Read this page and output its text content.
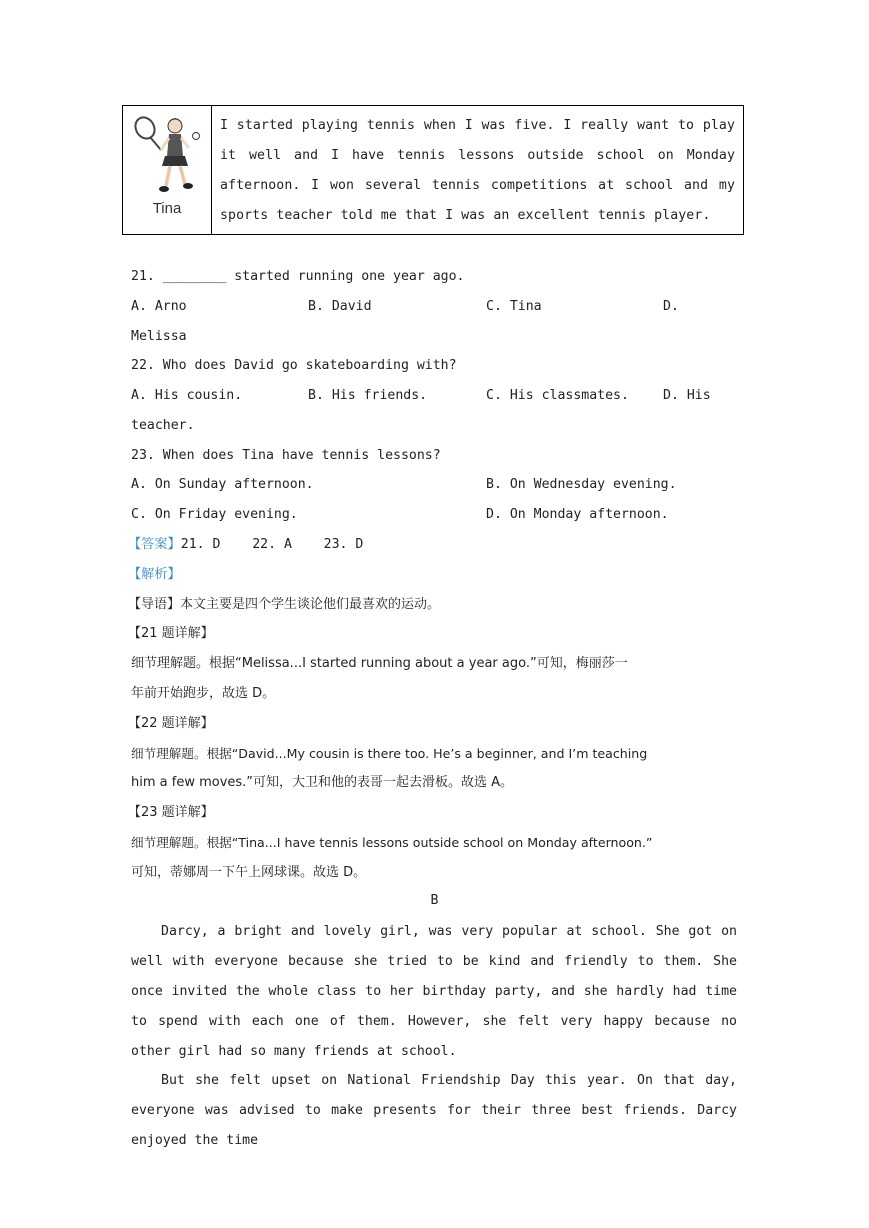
Tina
I started playing tennis when I was five. I really want to play it well and I have tennis lessons outside school on Monday afternoon. I won several tennis competitions at school and my sports teacher told me that I was an excellent tennis player.
21. ________ started running one year ago.
A. Arno	B. David	C. Tina	D.
Melissa
22. Who does David go skateboarding with?
A. His cousin.	B. His friends.	C. His classmates.	D. His
teacher.
23. When does Tina have tennis lessons?
A. On Sunday afternoon.	B. On Wednesday evening.
C. On Friday evening.	D. On Monday afternoon.
【答案】21. D    22. A    23. D
【解析】
【导语】本文主要是四个学生谈论他们最喜欢的运动。
【21 题详解】
细节理解题。根据“Melissa...I started running about a year ago.”可知，梅丽莎一
年前开始跑步，故选 D。
【22 题详解】
细节理解题。根据“David...My cousin is there too. He’s a beginner, and I’m teaching
him a few moves.”可知，大卫和他的表哥一起去滑板。故选 A。
【23 题详解】
细节理解题。根据“Tina...I have tennis lessons outside school on Monday afternoon.”
可知，蒂娜周一下午上网球课。故选 D。
B
Darcy, a bright and lovely girl, was very popular at school. She got on well with everyone because she tried to be kind and friendly to them. She once invited the whole class to her birthday party, and she hardly had time to spend with each one of them. However, she felt very happy because no other girl had so many friends at school.
But she felt upset on National Friendship Day this year. On that day, everyone was advised to make presents for their three best friends. Darcy enjoyed the time
